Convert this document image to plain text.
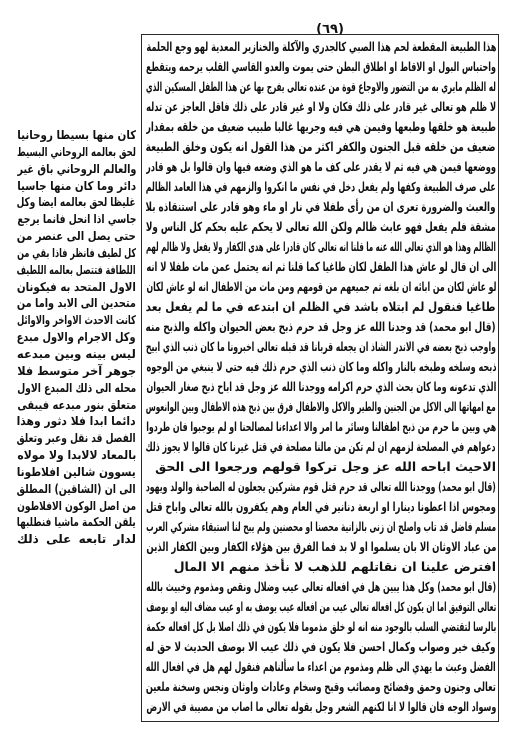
(٦٩)
هذا الطبيعة المقطعة لحم هذا الصبي كالجدري والآكلة والخنازير المعدية لهو وجع الحلمة
واحتباس البول او الاقاط او اطلاق البطن حتى يموت والعدو القاسي القلب يرحمه ويتقطع
له الظلم مايري به من التضور والاوجاع قوة من عنده تعالى يفرج بها عن هذا الطفل المسكين الذي
لا ظلم هو تعالى غير قادر على ذلك فكان ولا او غير قادر على ذلك فاقل العاجز عن تدله
طبيعة هو خلقها وطبعها وفيمن هي فيه وجريها غالبا طبيب ضعيف من خلقه بمقدار
ضعيف من خلقه قبل الجنون والكفر اكثر من هذا القول انه يكون وخلق الطبيعة
ووضعها فيمن هي فيه ثم لا يقدر على كف ما هو الذي وضعه فيها وان قالوا بل هو قادر
على صرف الطبيعة وكفها ولم يفعل دخل في نفس ما انكروا والزمهم في هذا العامد الظالم
والعبث والضرورة تعرى ان من رأى طفلا في نار او ماء وهو قادر على استنقاذه بلا
مشقة فلم يفعل فهو عابث ظالم ولكن الله تعالى لا يحكم عليه بحكم كل الناس ولا
الظالم وهذا هو الذي تعالى الله عنه ما قلنا انه تعالى كان قادرا على هدى الكفار ولا يفعل ولا ظالم لهم
الى ان قال لو عاش هذا الطفل لكان طاغيا كما قلنا ثم انه يحتمل عمن مات طفلا لا انه
لو عاش لكان من ابائه ان بلغه ثم جميعهم من قومهم ومن مات من الاطفال انه لو عاش لكان
طاغيا فنقول لم ابتلاه باشد في الظلم ان ابتدعه في ما لم يفعل بعد
(قال ابو محمد) قد وجدنا الله عز وجل قد حرم ذبح بعض الحيوان واكله والذبح منه
واوجب ذبح بعضه في الاندر الشاذ ان يجعله قربانا قد قبله تعالى اخبرونا ما كان ذنب الذي ابيح
ذبحه وسلخه وطبخه بالنار واكله وما كان ذنب الذي حرم ذلك فيه حتى لا ينبغي من الوجوه
الذي تدعونه وما كان بحث الذي حرم اكرامه ووجدنا الله عز وجل قد اباح ذبح صغار الحيوان
مع امهاتها الى الاكل من الجنين والطير والاكل والاطفال فرق بين ذبح هذه الاطفال وبين الوانعوس
هي وبين ما حرم من ذبح اطفالنا وسائر ما امر والا اعداءنا لمصالحنا او لم يوجبوا فان طردوا
دعواهم في المصلحة لزمهم ان لم تكن من مالنا مصلحة في قتل غيرنا كان قالوا لا يجوز ذلك
الاحيث اباحه الله عز وجل تركوا قولهم ورجعوا الى الحق
(قال ابو محمد) ووجدنا الله تعالى قد حرم قتل قوم مشركين يجعلون له الصاحبة والولد ويهود
ومجوس اذا اعطونا دينارا او اربعة دنانير في العام وهم يكفرون بالله تعالى واباح قتل
مسلم فاضل قد تاب واصلح ان زنى بالزانية محصنا او محصنين ولم يبح لنا استبقاء مشركي العرب
من عباد الاوثان الا بان يسلموا او لا بد فما الفرق بين هؤلاء الكفار وبين الكفار الذين
افترض علينا ان نقاتلهم للذهب لا نأخذ منهم الا المال
(قال ابو محمد) وكل هذا يبين هل في افعاله تعالى عيب وضلال ونقص ومذموم وخبيث بالله
تعالى التوفيق اما ان يكون كل افعاله تعالى عيب من افعاله عيب يوصف به او عيب مضاف اليه او يوصف
بالرسا لتقتضي السلب بالوجود منه انه لو خلق مذموما فلا يكون في ذلك اصلا بل كل افعاله حكمة
وكيف خير وصواب وكمال احسن فلا يكون في ذلك عيب الا بوصف الحديث لا حق له
الفضل وعبث ما يهدي الى ظلم ومذموم من اعداء ما سألناهم فنقول لهم هل في افعال الله
تعالى وجنون وحمق وفضائح ومصائب وقبح وسخام وعادات واوثان ونجس وسخنة ملعين
وسواد الوجه فان قالوا لا انا لكنهم الشعر وجل بقوله تعالى ما اصاب من مصيبة في الارض
كان منها بسيطا روحانيا
لحق بعالمه الروحاني البسيط
والعالم الروحاني باق غير
دائر وما كان منها جاسيا
غليظا لحق بعالمه ايضا وكل
جاسي اذا انحل فانما يرجع
حتى يصل الى عنصر من
كل لطيف فانظر فاذا بقي من
اللطافة فتتصل بعالمه اللطيف
الاول المتحد به فيكونان
متحدين الى الابد واما من
كانت الاحدث الاواخر والاوائل
وكل الاجرام والاول مبدع
ليس بينه وبين مبدعه
جوهر آخر متوسط فلا
محله الى ذلك المبدع الاول
متعلق بنور مبدعه فيبقى
دائما ابدا فلا دثور وهذا
الفصل قد نقل وعبر وتعلق
بالمعاد لالابدا ولا مولاه
يسوون شالين افلاطونا
الى ان (الشاقين) المطلق
من اصل الوكون الافلاطون
يلقن الحكمة ماشيا فنطلبها
لدار تابعه على ذلك
